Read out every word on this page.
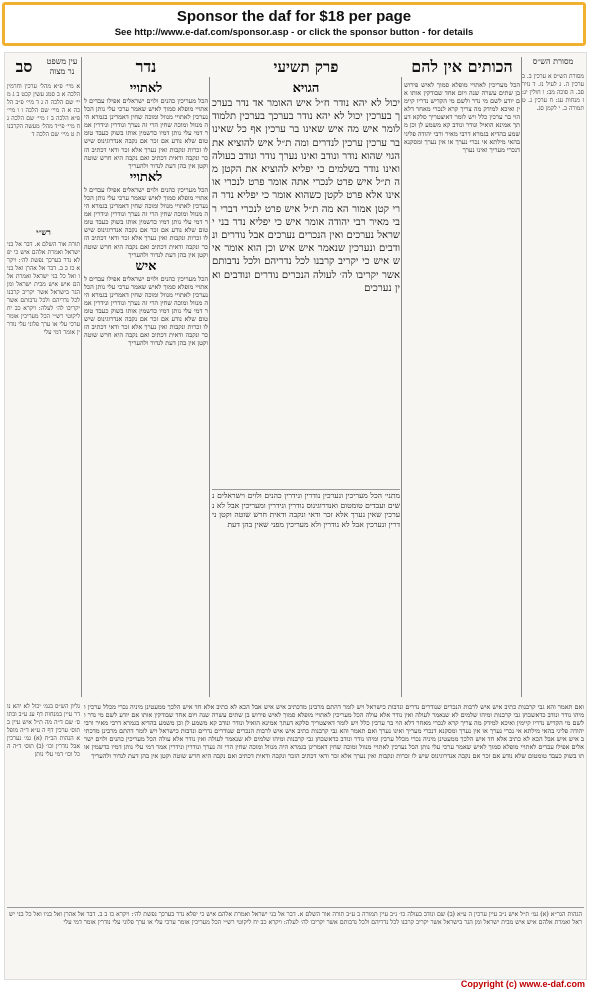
Sponsor the daf for $18 per page
See http://www.e-daf.com/sponsor.asp - or click the sponsor button - for details
מסורת הש״ס
מסורת הש״ס א ערכין ב. ב ערכין ה. ג לעיל נז. ד נזיר סב. ה סוכה מב: ו חולין יג: ז מנחות עג: ח ערכין ג. ט תמורה ב. י לקמן סג.
הכותים אין להם
הכל מעריכין לאתויי מופלא סמוך לאיש פירוש בן שתים עשרה שנה ויום אחד שבודקין אותו אם יודע לשם מי נדר ולשם מי הקדיש נדריו קיימין ואיכא למידק מה צריך קרא לנכרי מאחר דלא הוי בר ערכין כלל ויש לומר דאיצטריך סלקא דעתך אמינא הואיל ונודר ונודב קא משמע לן וכן משמע בהדיא בגמרא דרבי מאיר ורבי יהודה פליגי בהאי מילתא אי נכרי נערך או אין נערך ומסקנא דנכרי מעריך ואינו נערך
פרק תשיעי
הגויא
יכול לא יהא נודר ח״ל איש האומר אד נדר בערכך בערכין יכול לא יהא נודר בערכך בערכין תלמוד לומר איש מה איש שאינו בר ערכין אף כל שאינו בר ערכין ערכין לנדרים ומה ת״ל איש להוציא את הגוי שהוא נודר ונודב ואינו נערך נודר ונודב בעולה ואינו נודר בשלמים כי יפליא להוציא את הקטן מה ת״ל איש פרט לנכרי אתה אומר פרט לנכרי או אינו אלא פרט לקטן כשהוא אומר כי יפליא נדר הרי קטן אמור הא מה ת״ל איש פרט לנכרי דברי רבי מאיר רבי יהודה אומר איש כי יפליא נדר בני ישראל נערכים ואין הנכרים נערכים אבל נודרים ונודבים ונערכין שנאמר איש איש וכן הוא אומר איש איש כי יקריב קרבנו לכל נדריהם ולכל נדבותם אשר יקריבו לה׳ לעולה הנכרים נודרים ונודבים ואין נערכים
נדר
לאתויי
הכל מעריכין כהנים ולוים ישראלים אפילו עבדים לאתויי מופלא סמוך לאיש שאמר ערכי עלי נותן הכל נערכין לאתויי מנוול ומוכה שחין דאמרינן בגמרא היה מנוול ומוכה שחין הרי זה נערך ונודרין ונידרין אמר דמי עלי נותן דמיו כדשמין אותו בשוק כעבד טומטום שלא נודע אם זכר אם נקבה אנדרוגינוס שיש לו זכרות ונקבות ואין נערך אלא זכר ודאי דכתיב הזכר ונקבה ודאית דכתיב ואם נקבה היא חרש שוטה וקטן אין בהן דעת לנדור ולהעריך
לאתויי
הכל מעריכין כהנים ולוים ישראלים אפילו עבדים לאתויי מופלא סמוך לאיש שאמר ערכי עלי נותן הכל נערכין לאתויי מנוול ומוכה שחין דאמרינן בגמרא היה מנוול ומוכה שחין הרי זה נערך ונודרין ונידרין אמר דמי עלי נותן דמיו כדשמין אותו בשוק כעבד טומטום שלא נודע אם זכר אם נקבה אנדרוגינוס שיש לו זכרות ונקבות ואין נערך אלא זכר ודאי דכתיב הזכר ונקבה ודאית דכתיב ואם נקבה היא חרש שוטה וקטן אין בהן דעת לנדור ולהעריך
איש
הכל מעריכין כהנים ולוים ישראלים אפילו עבדים לאתויי מופלא סמוך לאיש שאמר ערכי עלי נותן הכל נערכין לאתויי מנוול ומוכה שחין דאמרינן בגמרא היה מנוול ומוכה שחין הרי זה נערך ונודרין ונידרין אמר דמי עלי נותן דמיו כדשמין אותו בשוק כעבד טומטום שלא נודע אם זכר אם נקבה אנדרוגינוס שיש לו זכרות ונקבות ואין נערך אלא זכר ודאי דכתיב הזכר ונקבה ודאית דכתיב ואם נקבה היא חרש שוטה וקטן אין בהן דעת לנדור ולהעריך
עין משפט נר מצוה
סב
א מיי׳ פ״א מהל׳ ערכין וחרמין הלכה א ב סמג עשין קכט ב ג מיי׳ שם הלכה ה ג ד מיי׳ פ״ב הלכה א ה מיי׳ שם הלכה ו ו מיי׳ פ״א הלכה ב ז מיי׳ שם הלכה ג ח מיי׳ פי״ד מהל׳ מעשה הקרבנות ט מיי׳ שם הלכה ד
רש״י
תורה אור השלם א. דבר אל בני ישראל ואמרת אלהם איש כי יפלא נדר בערכך נפשת לה׳: ויקרא כז ב ב. דבר אל אהרן ואל בניו ואל כל בני ישראל ואמרת אלהם איש איש מבית ישראל ומן הגר בישראל אשר יקריב קרבנו לכל נדריהם ולכל נדבותם אשר יקריבו לה׳ לעלה: ויקרא כב יח ליקוטי רש״י הכל מעריכין אומר ערכי עלי או ערך פלוני עלי נודרין אומר דמי עלי
מתני׳ הכל מעריכין ונערכין נודרין ונידרין כהנים ולוים וישראלים נשים ועבדים טומטום ואנדרוגינוס נודרין ונידרין ומעריכין אבל לא נערכין שאין נערך אלא זכר ודאי ונקבה ודאית חרש שוטה וקטן נידרין ונערכין אבל לא נודרין ולא מעריכין מפני שאין בהן דעת
ואם תאמר והא גבי קרבנות כתיב איש איש לרבות הנכרים שנודרים נדרים ונדבות כישראל ויש לומר דהתם מרבינן מדכתיב איש איש אבל הכא לא כתיב אלא חד איש הלכך ממעטינן מיניה נכרי מכלל ערכין ומיהו נודר ונודב כדאשכחן גבי קרבנות ומיהו שלמים לא שנאמר לעולה ואין נודר אלא עולה הכל מעריכין לאתויי מופלא סמוך לאיש פירוש בן שתים עשרה שנה ויום אחד שבודקין אותו אם יודע לשם מי נדר ולשם מי הקדיש נדריו קיימין ואיכא למידק מה צריך קרא לנכרי מאחר דלא הוי בר ערכין כלל ויש לומר דאיצטריך סלקא דעתך אמינא הואיל ונודר ונודב קא משמע לן וכן משמע בהדיא בגמרא דרבי מאיר ורבי יהודה פליגי בהאי מילתא אי נכרי נערך או אין נערך ומסקנא דנכרי מעריך ואינו נערך ואם תאמר והא גבי קרבנות כתיב איש איש לרבות הנכרים שנודרים נדרים ונדבות כישראל ויש לומר דהתם מרבינן מדכתיב איש איש אבל הכא לא כתיב אלא חד איש הלכך ממעטינן מיניה נכרי מכלל ערכין ומיהו נודר ונודב כדאשכחן גבי קרבנות ומיהו שלמים לא שנאמר לעולה ואין נודר אלא עולה הכל מעריכין כהנים ולוים ישראלים אפילו עבדים לאתויי מופלא סמוך לאיש שאמר ערכי עלי נותן הכל נערכין לאתויי מנוול ומוכה שחין דאמרינן בגמרא היה מנוול ומוכה שחין הרי זה נערך ונודרין ונידרין אמר דמי עלי נותן דמיו כדשמין אותו בשוק כעבד טומטום שלא נודע אם זכר אם נקבה אנדרוגינוס שיש לו זכרות ונקבות ואין נערך אלא זכר ודאי דכתיב הזכר ונקבה ודאית דכתיב ואם נקבה היא חרש שוטה וקטן אין בהן דעת לנדור ולהעריך
גליון הש״ס בגמ׳ יכול לא יהא נודר עיין במנחות דף עג ע״ב ובתוס׳ שם ד״ה מה ת״ל איש עיין בתוס׳ ערכין דף ה ע״א ד״ה מופלא הגהות הב״ח (א) גמ׳ נערכין אבל נודרין וכו׳ (ב) תוס׳ ד״ה הכל וכו׳ דמי עלי נותן
הגהות הגר״א (א) גמ׳ ת״ל איש נ״ב עיין ערכין ה ע״א (ב) שם ונודב בעולה כו׳ נ״ב עיין תמורה ב ע״ב תורה אור השלם א. דבר אל בני ישראל ואמרת אלהם איש כי יפלא נדר בערכך נפשת לה׳: ויקרא כז ב ב. דבר אל אהרן ואל בניו ואל כל בני ישראל ואמרת אלהם איש איש מבית ישראל ומן הגר בישראל אשר יקריב קרבנו לכל נדריהם ולכל נדבותם אשר יקריבו לה׳ לעלה: ויקרא כב יח ליקוטי רש״י הכל מעריכין אומר ערכי עלי או ערך פלוני עלי נודרין אומר דמי עלי
Copyright (c) www.e-daf.com
